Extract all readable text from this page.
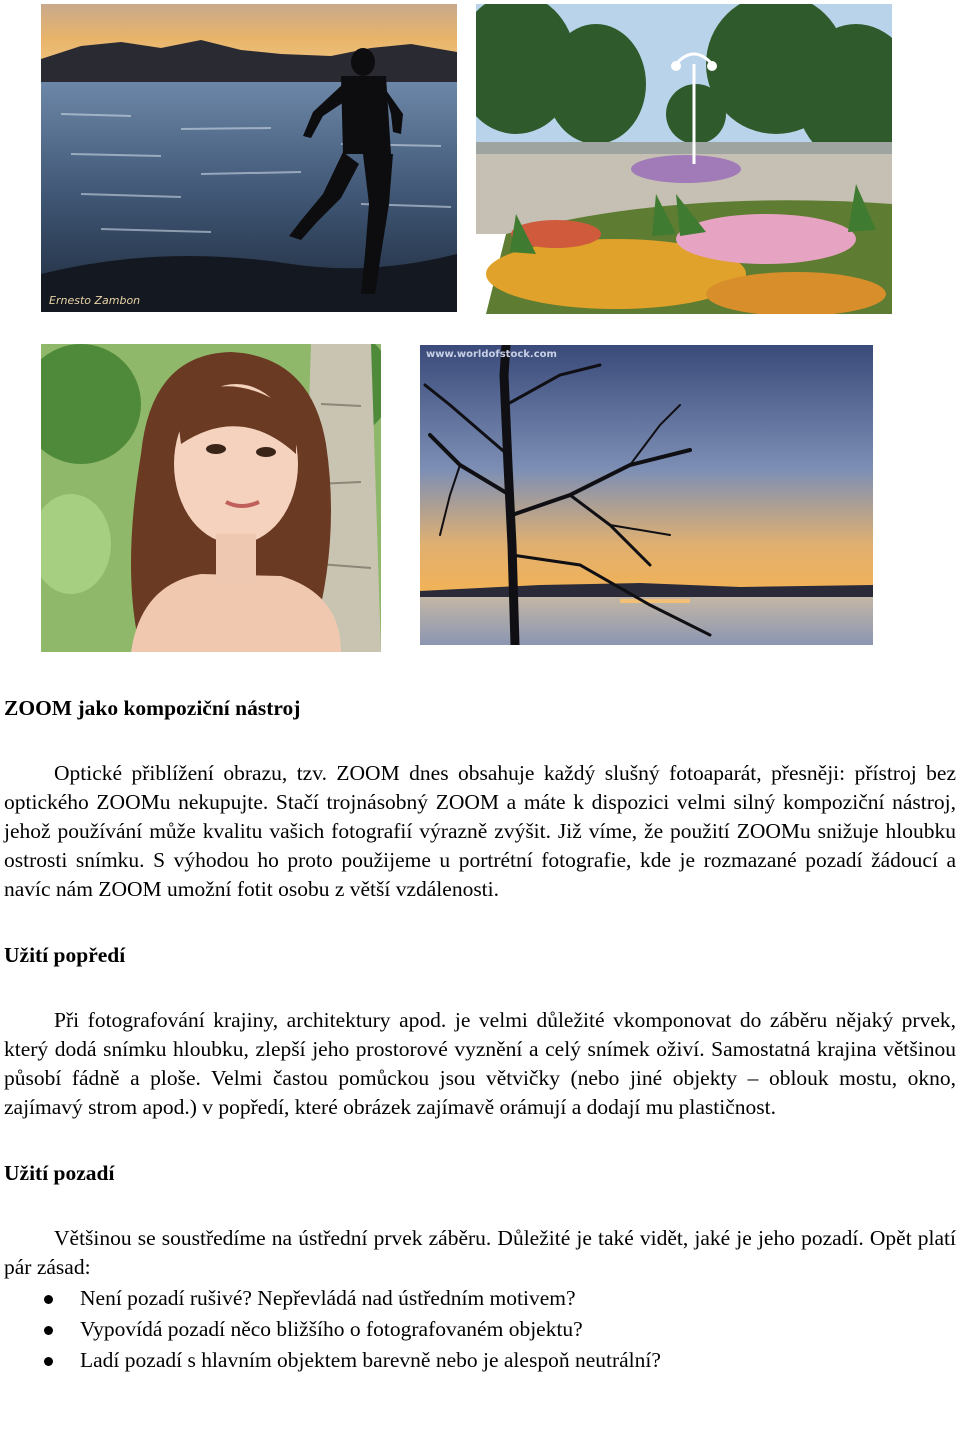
Ernesto Zambon
www.worldofstock.com
ZOOM jako kompoziční nástroj

Optické přiblížení obrazu, tzv. ZOOM dnes obsahuje každý slušný fotoaparát, přesněji: přístroj bez optického ZOOMu nekupujte. Stačí trojnásobný ZOOM a máte k dispozici velmi silný kompoziční nástroj, jehož používání může kvalitu vašich fotografií výrazně zvýšit. Již víme, že použití ZOOMu snižuje hloubku ostrosti snímku. S výhodou ho proto použijeme u portrétní fotografie, kde je rozmazané pozadí žádoucí a navíc nám ZOOM umožní fotit osobu z větší vzdálenosti.

Užití popředí

Při fotografování krajiny, architektury apod. je velmi důležité vkomponovat do záběru nějaký prvek, který dodá snímku hloubku, zlepší jeho prostorové vyznění a celý snímek oživí. Samostatná krajina většinou působí fádně a ploše. Velmi častou pomůckou jsou větvičky (nebo jiné objekty – oblouk mostu, okno, zajímavý strom apod.) v popředí, které obrázek zajímavě orámují a dodají mu plastičnost.

Užití pozadí

Většinou se soustředíme na ústřední prvek záběru. Důležité je také vidět, jaké je jeho pozadí. Opět platí pár zásad:

Není pozadí rušivé? Nepřevládá nad ústředním motivem?
Vypovídá pozadí něco bližšího o fotografovaném objektu?
Ladí pozadí s hlavním objektem barevně nebo je alespoň neutrální?
